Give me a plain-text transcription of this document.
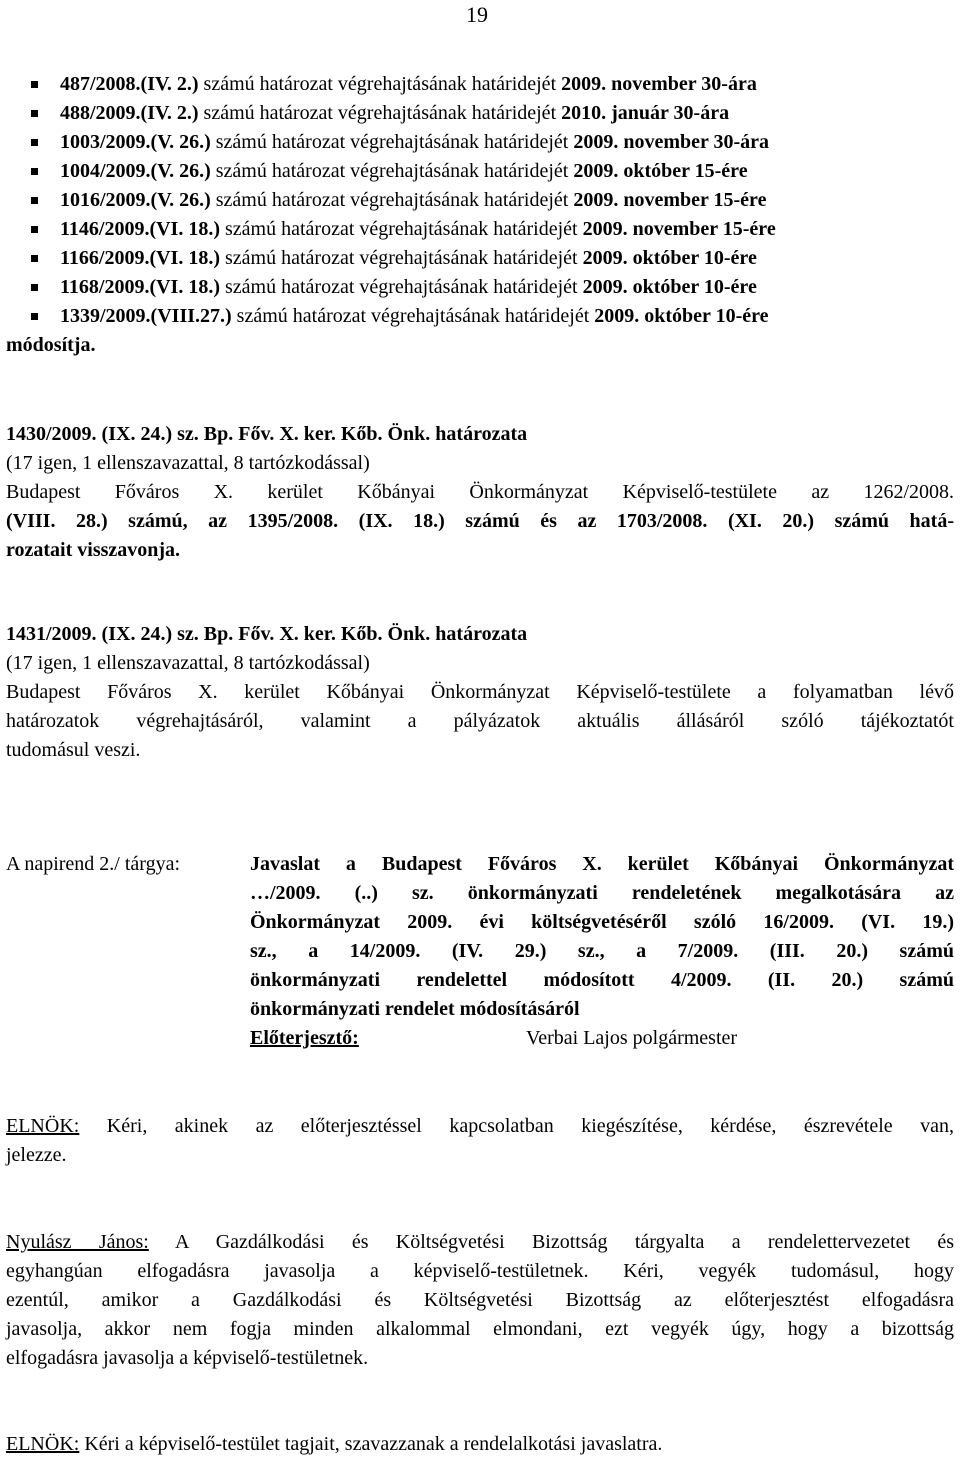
19
487/2008.(IV. 2.)
számú határozat végrehajtásának határidejét
2009. november 30-ára
488/2009.(IV. 2.)
számú határozat végrehajtásának határidejét
2010. január 30-ára
1003/2009.(V. 26.)
számú határozat végrehajtásának határidejét
2009. november 30-ára
1004/2009.(V. 26.)
számú határozat végrehajtásának határidejét
2009. október 15-ére
1016/2009.(V. 26.)
számú határozat végrehajtásának határidejét
2009. november 15-ére
1146/2009.(VI. 18.)
számú határozat végrehajtásának határidejét
2009. november 15-ére
1166/2009.(VI. 18.)
számú határozat végrehajtásának határidejét
2009. október 10-ére
1168/2009.(VI. 18.)
számú határozat végrehajtásának határidejét
2009. október 10-ére
1339/2009.(VIII.27.)
számú határozat végrehajtásának határidejét
2009. október 10-ére
módosítja.
1430/2009. (IX. 24.) sz. Bp. Főv. X. ker. Kőb. Önk. határozata
(17 igen, 1 ellenszavazattal, 8 tartózkodással)
Budapest Főváros X. kerület Kőbányai Önkormányzat Képviselő-testülete az 1262/2008.
(VIII. 28.) számú, az 1395/2008. (IX. 18.) számú és az 1703/2008. (XI. 20.) számú hatá-
rozatait visszavonja.
1431/2009. (IX. 24.) sz. Bp. Főv. X. ker. Kőb. Önk. határozata
(17 igen, 1 ellenszavazattal, 8 tartózkodással)
Budapest Főváros X. kerület Kőbányai Önkormányzat Képviselő-testülete a folyamatban lévő
határozatok végrehajtásáról, valamint a pályázatok aktuális állásáról szóló tájékoztatót
tudomásul veszi.
A napirend 2./ tárgya:	Javaslat a Budapest Főváros X. kerület Kőbányai Önkormányzat
…/2009. (..) sz. önkormányzati rendeletének megalkotására az
Önkormányzat 2009. évi költségvetéséről szóló 16/2009. (VI. 19.)
sz., a 14/2009. (IV. 29.) sz., a 7/2009. (III. 20.) számú
önkormányzati rendelettel módosított 4/2009. (II. 20.) számú
önkormányzati rendelet módosításáról
Előterjesztő:	Verbai Lajos polgármester
ELNÖK: Kéri, akinek az előterjesztéssel kapcsolatban kiegészítése, kérdése, észrevétele van,
jelezze.
Nyulász János: A Gazdálkodási és Költségvetési Bizottság tárgyalta a rendelettervezetet és
egyhangúan elfogadásra javasolja a képviselő-testületnek. Kéri, vegyék tudomásul, hogy
ezentúl, amikor a Gazdálkodási és Költségvetési Bizottság az előterjesztést elfogadásra
javasolja, akkor nem fogja minden alkalommal elmondani, ezt vegyék úgy, hogy a bizottság
elfogadásra javasolja a képviselő-testületnek.
ELNÖK: Kéri a képviselő-testület tagjait, szavazzanak a rendelalkotási javaslatra.
